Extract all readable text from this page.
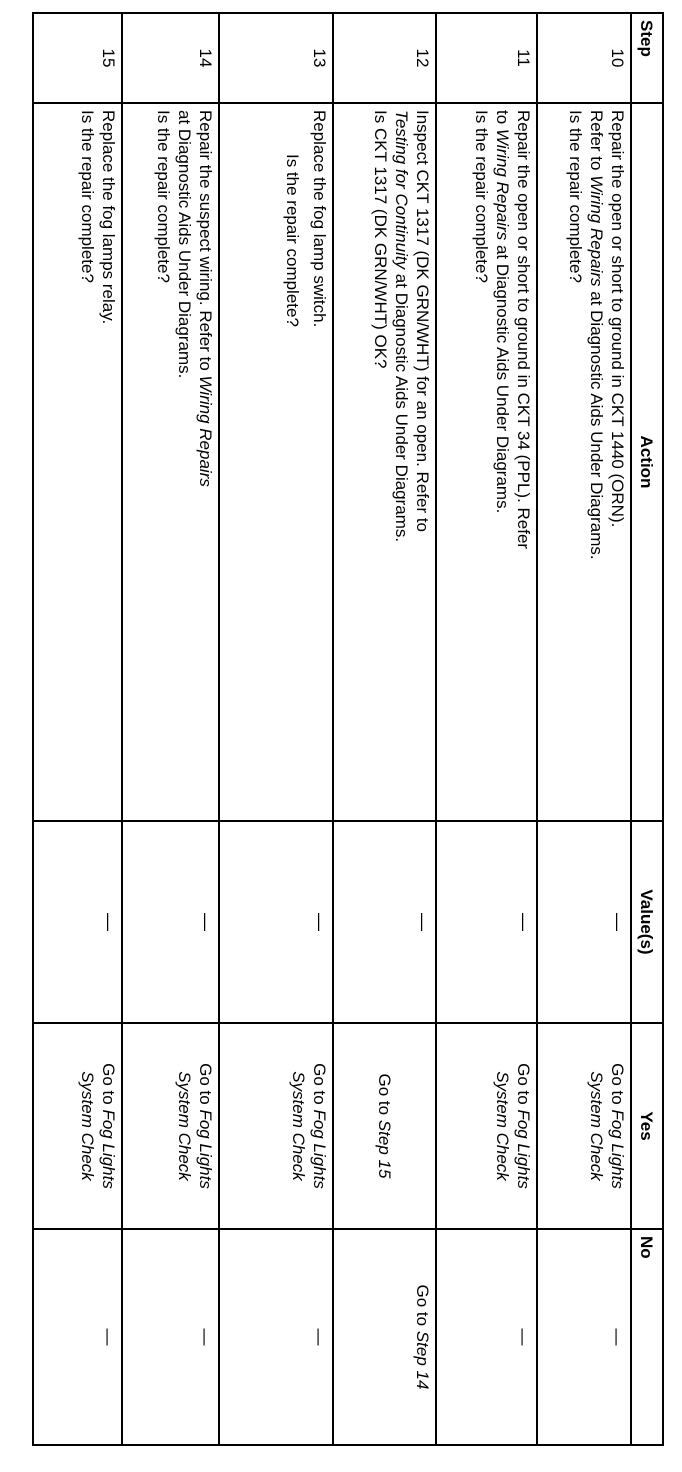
Step	Action	Value(s)	Yes	No
10	Repair the open or short to ground in CKT 1440 (ORN).
Refer to Wiring Repairs at Diagnostic Aids Under Diagrams.
Is the repair complete?	—	Go to Fog Lights
System Check	—
11	Repair the open or short to ground in CKT 34 (PPL). Refer
to Wiring Repairs at Diagnostic Aids Under Diagrams.
Is the repair complete?	—	Go to Fog Lights
System Check	—
12	Inspect CKT 1317 (DK GRN/WHT) for an open. Refer to
Testing for Continuity at Diagnostic Aids Under Diagrams.
Is CKT 1317 (DK GRN/WHT) OK?	—	Go to Step 15	Go to Step 14
13	Replace the fog lamp switch.
Is the repair complete?	—	Go to Fog Lights
System Check	—
14	Repair the suspect wiring. Refer to Wiring Repairs
at Diagnostic Aids Under Diagrams.
Is the repair complete?	—	Go to Fog Lights
System Check	—
15	Replace the fog lamps relay.
Is the repair complete?	—	Go to Fog Lights
System Check	—
